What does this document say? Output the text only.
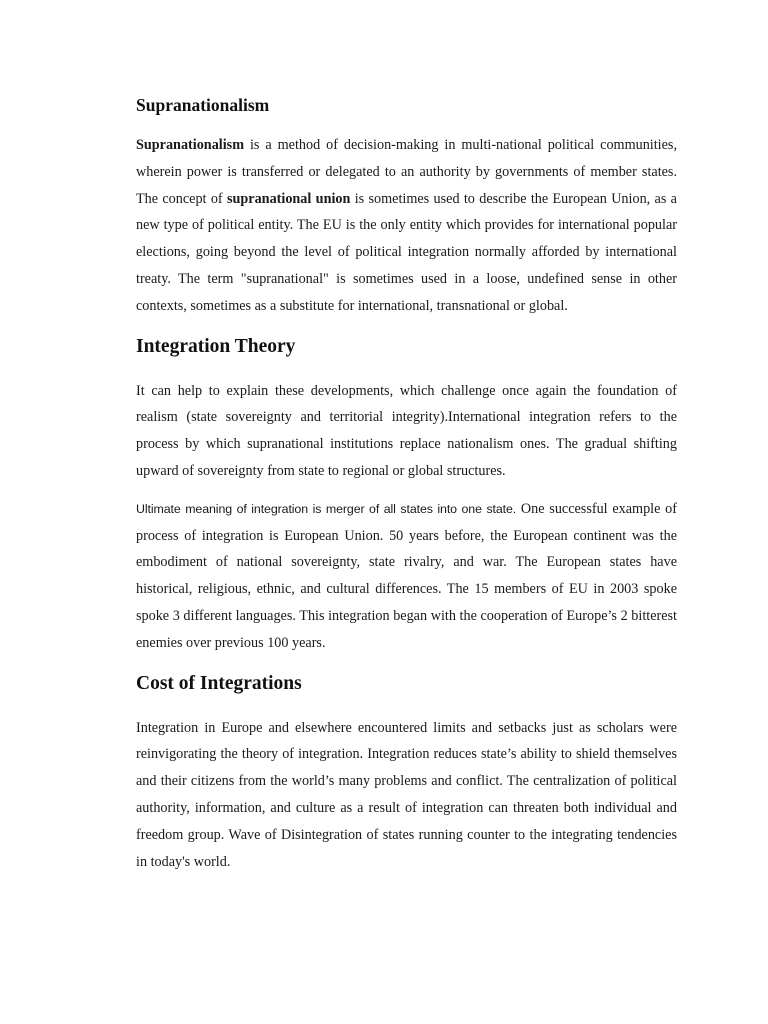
Supranationalism

Supranationalism is a method of decision-making in multi-national political communities, wherein power is transferred or delegated to an authority by governments of member states. The concept of supranational union is sometimes used to describe the European Union, as a new type of political entity. The EU is the only entity which provides for international popular elections, going beyond the level of political integration normally afforded by international treaty. The term "supranational" is sometimes used in a loose, undefined sense in other contexts, sometimes as a substitute for international, transnational or global.

Integration Theory

It can help to explain these developments, which challenge once again the foundation of realism (state sovereignty and territorial integrity).International integration refers to the process by which supranational institutions replace nationalism ones. The gradual shifting upward of sovereignty from state to regional or global structures.

Ultimate meaning of integration is merger of all states into one state. One successful example of process of integration is European Union. 50 years before, the European continent was the embodiment of national sovereignty, state rivalry, and war. The European states have historical, religious, ethnic, and cultural differences. The 15 members of EU in 2003 spoke spoke 3 different languages. This integration began with the cooperation of Europe’s 2 bitterest enemies over previous 100 years.

Cost of Integrations

Integration in Europe and elsewhere encountered limits and setbacks just as scholars were reinvigorating the theory of integration. Integration reduces state’s ability to shield themselves and their citizens from the world’s many problems and conflict. The centralization of political authority, information, and culture as a result of integration can threaten both individual and freedom group. Wave of Disintegration of states running counter to the integrating tendencies in today's world.
